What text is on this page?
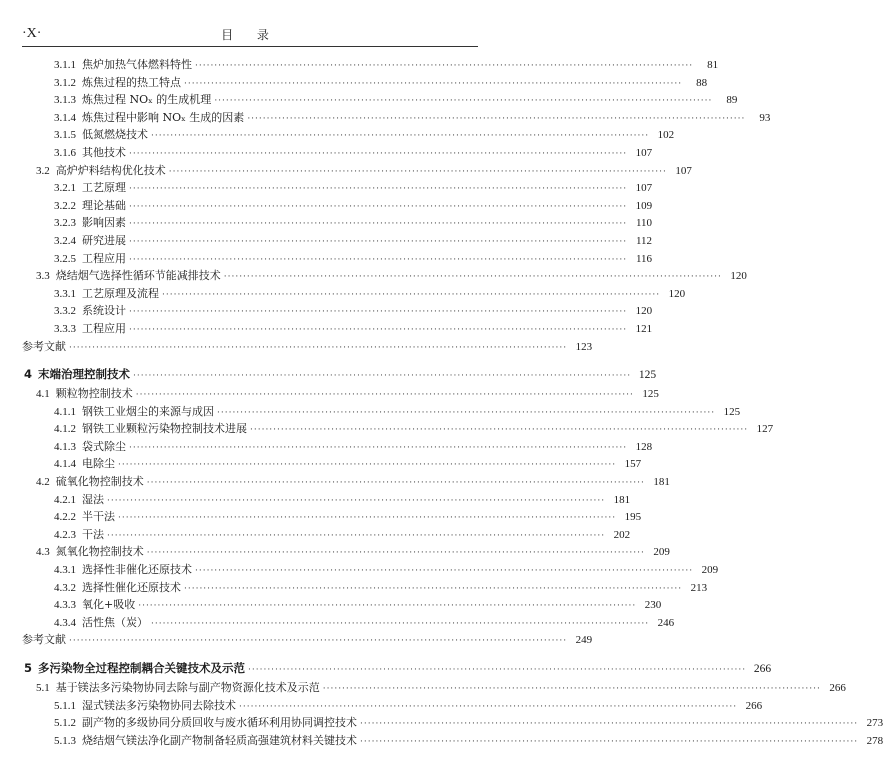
·X·	目 录
3.1.1 焦炉加热气体燃料特性 ·································································································································	81
3.1.2 炼焦过程的热工特点 ·································································································································	88
3.1.3 炼焦过程 NOₓ 的生成机理 ·································································································································	89
3.1.4 炼焦过程中影响 NOₓ 生成的因素 ·································································································································	93
3.1.5 低氮燃烧技术 ································································································································· 102
3.1.6 其他技术 ································································································································· 107
3.2 高炉炉料结构优化技术 ································································································································· 107
3.2.1 工艺原理 ································································································································· 107
3.2.2 理论基础 ································································································································· 109
3.2.3 影响因素 ································································································································· 110
3.2.4 研究进展 ································································································································· 112
3.2.5 工程应用 ································································································································· 116
3.3 烧结烟气选择性循环节能减排技术 ································································································································· 120
3.3.1 工艺原理及流程 ································································································································· 120
3.3.2 系统设计 ································································································································· 120
3.3.3 工程应用 ································································································································· 121
参考文献 ································································································································· 123
4 末端治理控制技术 ································································································································· 125
4.1 颗粒物控制技术 ································································································································· 125
4.1.1 钢铁工业烟尘的来源与成因 ································································································································· 125
4.1.2 钢铁工业颗粒污染物控制技术进展 ································································································································· 127
4.1.3 袋式除尘 ································································································································· 128
4.1.4 电除尘 ································································································································· 157
4.2 硫氧化物控制技术 ································································································································· 181
4.2.1 湿法 ································································································································· 181
4.2.2 半干法 ································································································································· 195
4.2.3 干法 ································································································································· 202
4.3 氮氧化物控制技术 ································································································································· 209
4.3.1 选择性非催化还原技术 ································································································································· 209
4.3.2 选择性催化还原技术 ································································································································· 213
4.3.3 氧化+吸收 ································································································································· 230
4.3.4 活性焦（炭） ································································································································· 246
参考文献 ································································································································· 249
5 多污染物全过程控制耦合关键技术及示范 ································································································································· 266
5.1 基于镁法多污染物协同去除与副产物资源化技术及示范 ································································································································· 266
5.1.1 湿式镁法多污染物协同去除技术 ································································································································· 266
5.1.2 副产物的多级协同分质回收与废水循环利用协同调控技术 ································································································································· 273
5.1.3 烧结烟气镁法净化副产物制备轻质高强建筑材料关键技术 ································································································································· 278
